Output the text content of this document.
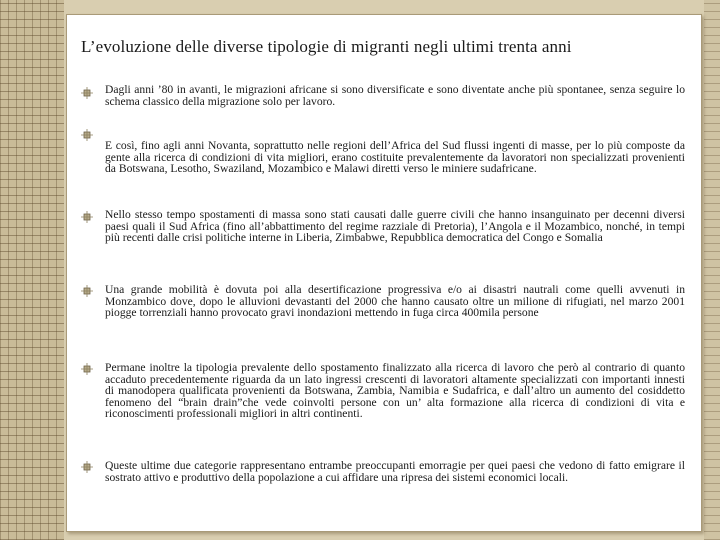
L’evoluzione delle diverse tipologie di migranti negli ultimi trenta anni
Dagli anni ’80 in avanti, le migrazioni africane si sono diversificate e sono diventate anche più spontanee, senza seguire lo schema classico della migrazione solo per lavoro.
E così, fino agli anni Novanta, soprattutto nelle regioni dell’Africa del Sud flussi ingenti di masse, per lo più composte da gente alla ricerca di condizioni di vita migliori, erano costituite prevalentemente da lavoratori non specializzati provenienti da Botswana, Lesotho, Swaziland, Mozambico e Malawi diretti verso le miniere sudafricane.
Nello stesso tempo spostamenti di massa sono stati causati dalle guerre civili che hanno insanguinato per decenni diversi paesi quali il Sud Africa (fino all’abbattimento del regime razziale di Pretoria), l’Angola e il Mozambico, nonché, in tempi più recenti dalle crisi politiche interne in Liberia, Zimbabwe, Repubblica democratica del Congo e Somalia
Una grande mobilità è dovuta poi alla desertificazione progressiva e/o ai disastri nautrali come quelli avvenuti in Monzambico dove, dopo le alluvioni devastanti del 2000 che hanno causato oltre un milione di rifugiati, nel marzo 2001 piogge torrenziali hanno provocato gravi inondazioni mettendo in fuga circa 400mila persone
Permane inoltre la tipologia prevalente dello spostamento finalizzato alla ricerca di lavoro che però al contrario di quanto accaduto precedentemente riguarda da un lato ingressi crescenti di lavoratori altamente specializzati con importanti innesti di manodopera qualificata provenienti da Botswana, Zambia, Namibia e Sudafrica, e dall’altro un aumento del cosiddetto fenomeno del “brain drain”che vede coinvolti persone con un’ alta formazione alla ricerca di condizioni di vita e riconoscimenti professionali migliori in altri continenti.
Queste ultime due categorie rappresentano entrambe preoccupanti emorragie per quei paesi che vedono di fatto emigrare il sostrato attivo e produttivo della popolazione a cui affidare una ripresa dei sistemi economici locali.
